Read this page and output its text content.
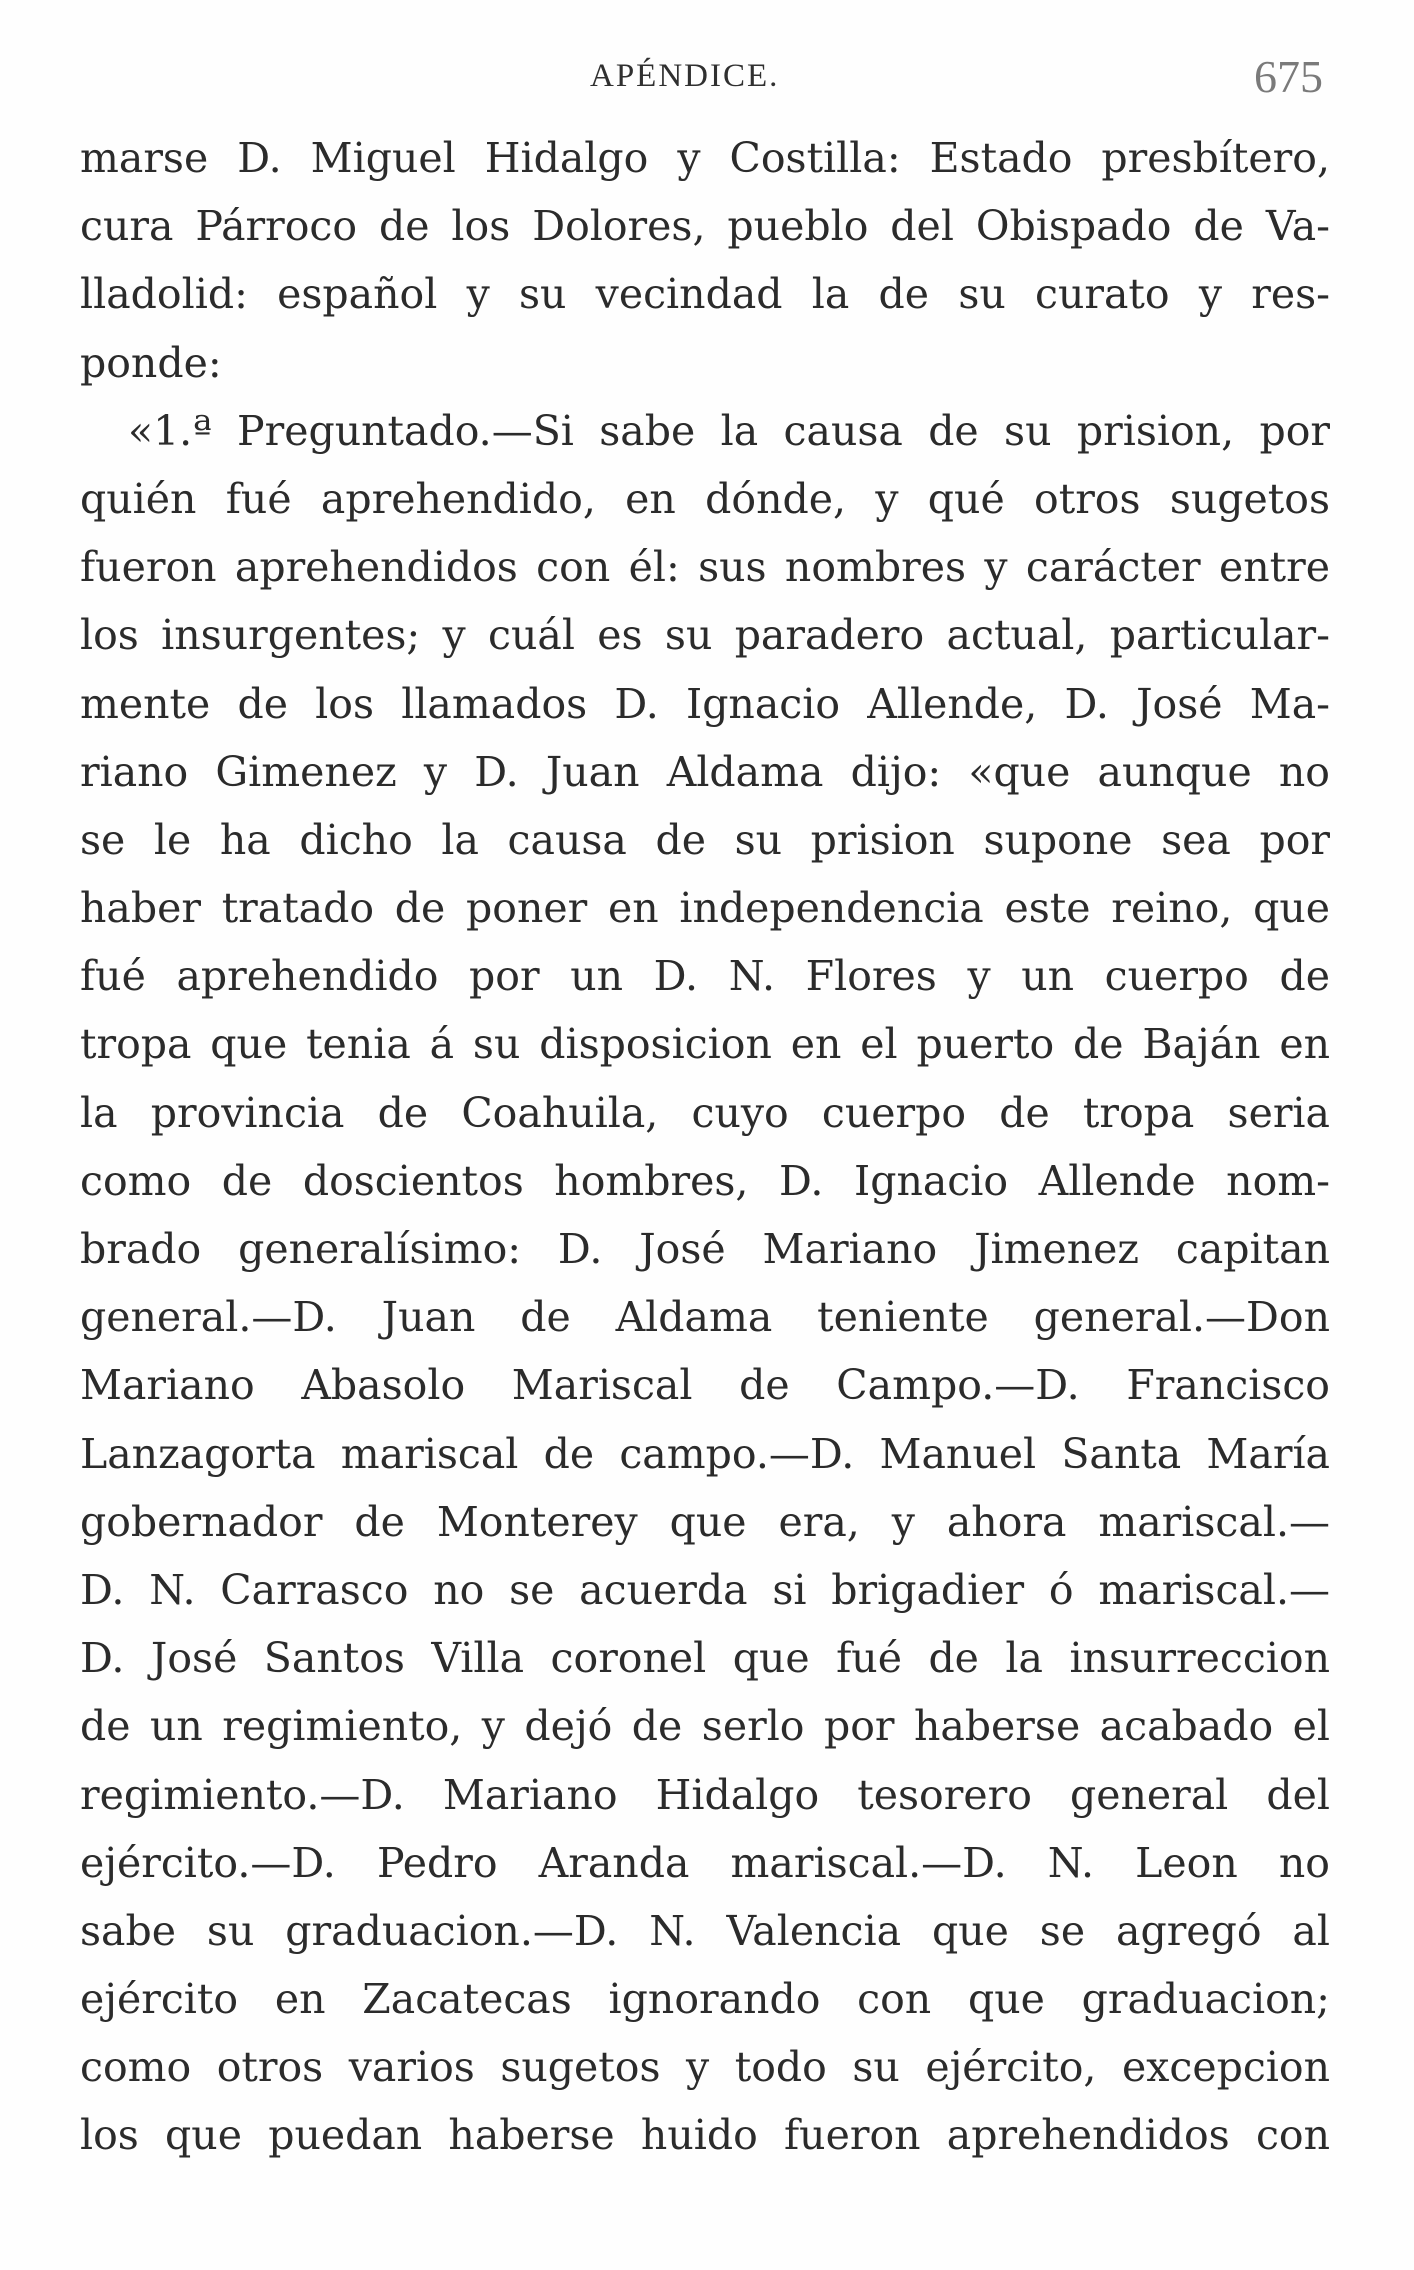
APÉNDICE.	675
marse D. Miguel Hidalgo y Costilla: Estado presbítero,
cura Párroco de los Dolores, pueblo del Obispado de Va-
lladolid: español y su vecindad la de su curato y res-
ponde:
«1.ª Preguntado.—Si sabe la causa de su prision, por
quién fué aprehendido, en dónde, y qué otros sugetos
fueron aprehendidos con él: sus nombres y carácter entre
los insurgentes; y cuál es su paradero actual, particular-
mente de los llamados D. Ignacio Allende, D. José Ma-
riano Gimenez y D. Juan Aldama dijo: «que aunque no
se le ha dicho la causa de su prision supone sea por
haber tratado de poner en independencia este reino, que
fué aprehendido por un D. N. Flores y un cuerpo de
tropa que tenia á su disposicion en el puerto de Baján en
la provincia de Coahuila, cuyo cuerpo de tropa seria
como de doscientos hombres, D. Ignacio Allende nom-
brado generalísimo: D. José Mariano Jimenez capitan
general.—D. Juan de Aldama teniente general.—Don
Mariano Abasolo Mariscal de Campo.—D. Francisco
Lanzagorta mariscal de campo.—D. Manuel Santa María
gobernador de Monterey que era, y ahora mariscal.—
D. N. Carrasco no se acuerda si brigadier ó mariscal.—
D. José Santos Villa coronel que fué de la insurreccion
de un regimiento, y dejó de serlo por haberse acabado el
regimiento.—D. Mariano Hidalgo tesorero general del
ejército.—D. Pedro Aranda mariscal.—D. N. Leon no
sabe su graduacion.—D. N. Valencia que se agregó al
ejército en Zacatecas ignorando con que graduacion;
como otros varios sugetos y todo su ejército, excepcion
los que puedan haberse huido fueron aprehendidos con
